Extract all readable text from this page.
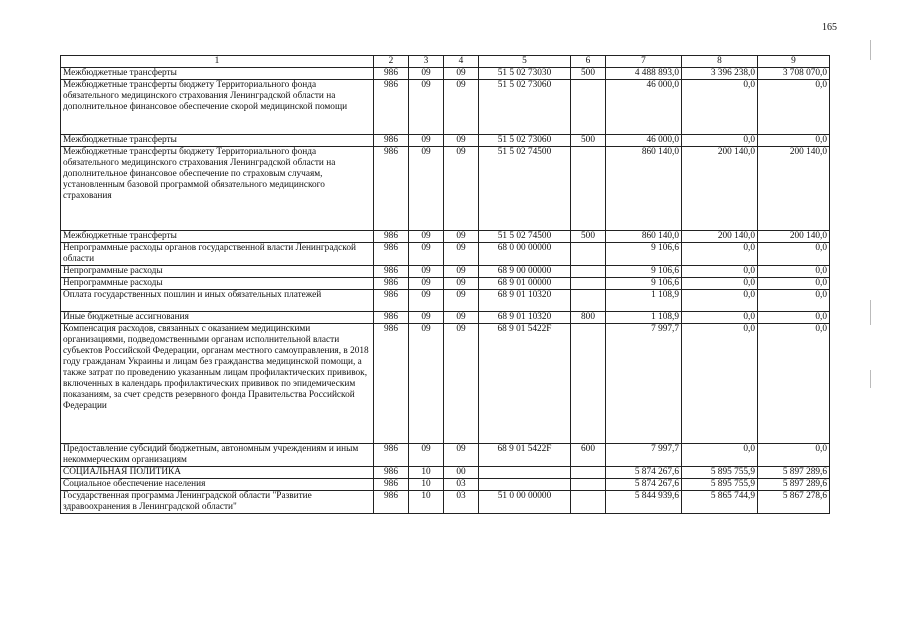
165
1	2	3	4	5	6	7	8	9
Межбюджетные трансферты	986	09	09	51 5 02 73030	500	4 488 893,0	3 396 238,0	3 708 070,0
Межбюджетные трансферты бюджету Территориального фонда обязательного медицинского страхования Ленинградской области на дополнительное финансовое обеспечение скорой медицинской помощи	986	09	09	51 5 02 73060		46 000,0	0,0	0,0
Межбюджетные трансферты	986	09	09	51 5 02 73060	500	46 000,0	0,0	0,0
Межбюджетные трансферты бюджету Территориального фонда обязательного медицинского страхования Ленинградской области на дополнительное финансовое обеспечение по страховым случаям, установленным базовой программой обязательного медицинского страхования	986	09	09	51 5 02 74500		860 140,0	200 140,0	200 140,0
Межбюджетные трансферты	986	09	09	51 5 02 74500	500	860 140,0	200 140,0	200 140,0
Непрограммные расходы органов государственной власти Ленинградской области	986	09	09	68 0 00 00000		9 106,6	0,0	0,0
Непрограммные расходы	986	09	09	68 9 00 00000		9 106,6	0,0	0,0
Непрограммные расходы	986	09	09	68 9 01 00000		9 106,6	0,0	0,0
Оплата государственных пошлин и иных обязательных платежей	986	09	09	68 9 01 10320		1 108,9	0,0	0,0
Иные бюджетные ассигнования	986	09	09	68 9 01 10320	800	1 108,9	0,0	0,0
Компенсация расходов, связанных с оказанием медицинскими организациями, подведомственными органам исполнительной власти субъектов Российской Федерации, органам местного самоуправления, в 2018 году гражданам Украины и лицам без гражданства медицинской помощи, а также затрат по проведению указанным лицам профилактических прививок, включенных в календарь профилактических прививок по эпидемическим показаниям, за счет средств резервного фонда Правительства Российской Федерации	986	09	09	68 9 01 5422F		7 997,7	0,0	0,0
Предоставление субсидий бюджетным, автономным учреждениям и иным некоммерческим организациям	986	09	09	68 9 01 5422F	600	7 997,7	0,0	0,0
СОЦИАЛЬНАЯ ПОЛИТИКА	986	10	00			5 874 267,6	5 895 755,9	5 897 289,6
Социальное обеспечение населения	986	10	03			5 874 267,6	5 895 755,9	5 897 289,6
Государственная программа Ленинградской области "Развитие здравоохранения в Ленинградской области"	986	10	03	51 0 00 00000		5 844 939,6	5 865 744,9	5 867 278,6
